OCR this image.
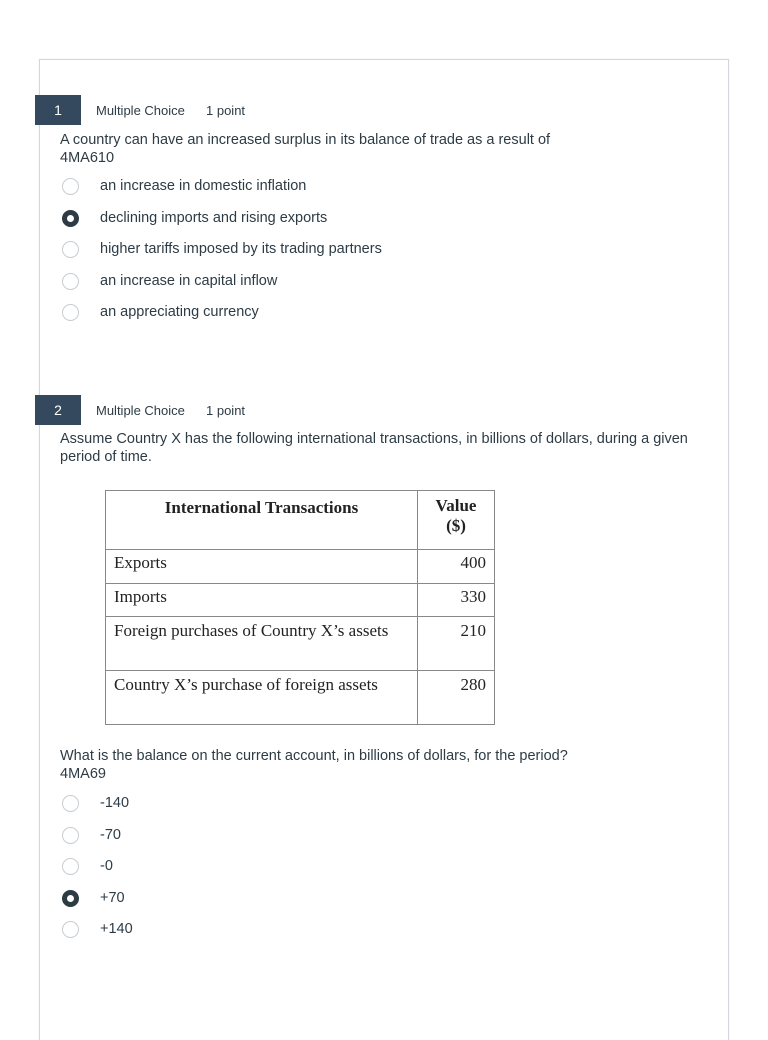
1	Multiple Choice 1 point
A country can have an increased surplus in its balance of trade as a result of
4MA610
an increase in domestic inflation
declining imports and rising exports
higher tariffs imposed by its trading partners
an increase in capital inflow
an appreciating currency
2	Multiple Choice 1 point
Assume Country X has the following international transactions, in billions of dollars, during a given period of time.
International Transactions	Value
($)
Exports	400
Imports	330
Foreign purchases of Country X’s assets	210
Country X’s purchase of foreign assets	280
What is the balance on the current account, in billions of dollars, for the period?
4MA69
-140
-70
-0
+70
+140
